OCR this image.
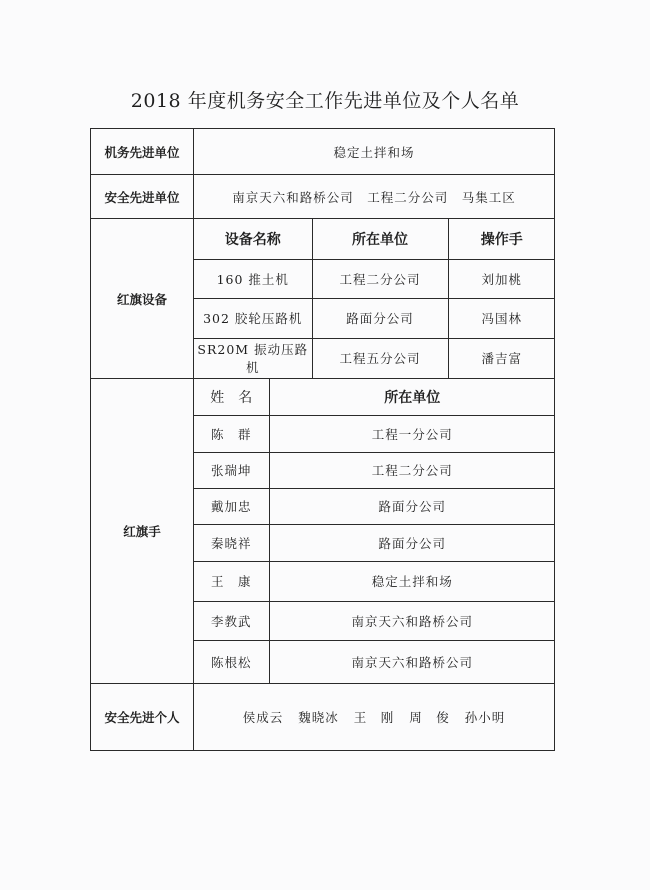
2018 年度机务安全工作先进单位及个人名单
机务先进单位	稳定土拌和场
安全先进单位	南京天六和路桥公司　工程二分公司　马集工区
红旗设备	
设备名称	所在单位	操作手
160 推土机	工程二分公司	刘加桃
302 胶轮压路机	路面分公司	冯国林
SR20M 振动压路机	工程五分公司	潘吉富

红旗手	
姓　名	所在单位
陈　群	工程一分公司
张瑞坤	工程二分公司
戴加忠	路面分公司
秦晓祥	路面分公司
王　康	稳定土拌和场
李教武	南京天六和路桥公司
陈根松	南京天六和路桥公司

安全先进个人	侯成云 魏晓冰 王　刚 周　俊 孙小明
